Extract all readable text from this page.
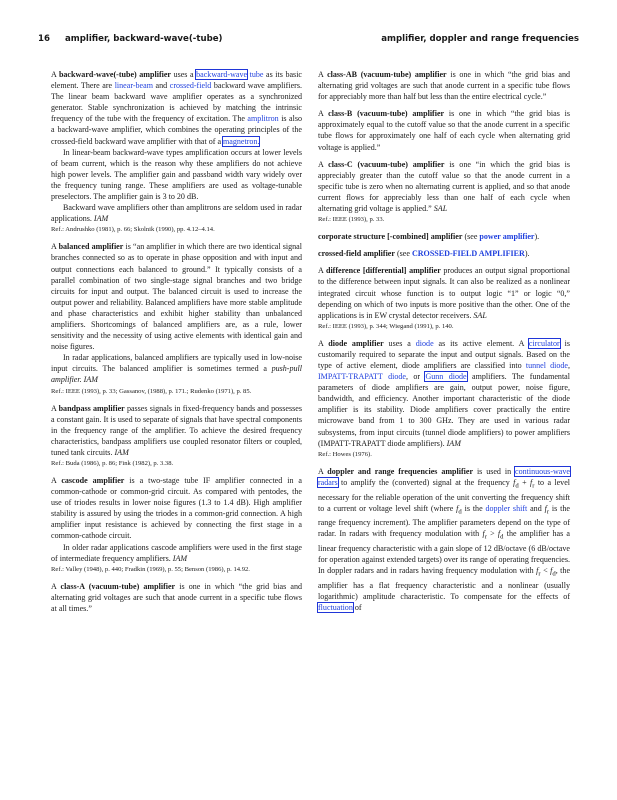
16 amplifier, backward-wave(-tube)	amplifier, doppler and range frequencies

A backward-wave(-tube) amplifier uses a backward-wave tube as its basic element. There are linear-beam and crossed-field backward wave amplifiers. The linear beam backward wave amplifier operates as a synchronized generator. Stable synchronization is achieved by matching the intrinsic frequency of the tube with the frequency of excitation. The amplitron is also a backward-wave amplifier, which combines the operating principles of the crossed-field backward wave amplifier with that of a magnetron.

In linear-beam backward-wave types amplification occurs at lower levels of beam current, which is the reason why these amplifiers do not achieve high power levels. The amplifier gain and passband width vary widely over the frequency tuning range. These amplifiers are used as voltage-tunable preselectors. The amplifier gain is 3 to 20 dB.

Backward wave amplifiers other than amplitrons are seldom used in radar applications. IAM

Ref.: Andrushko (1981), p. 66; Skolnik (1990), pp. 4.12–4.14.

A balanced amplifier is “an amplifier in which there are two identical signal branches connected so as to operate in phase opposition and with input and output connections each balanced to ground.” It typically consists of a parallel combination of two single-stage signal branches and two bridge circuits for input and output. The balanced circuit is used to increase the output power and reliability. Balanced amplifiers have more stable amplitude and phase characteristics and exhibit higher stability than unbalanced amplifiers. Shortcomings of balanced amplifiers are, as a rule, lower sensitivity and the necessity of using active elements with identical gain and noise figures.

In radar applications, balanced amplifiers are typically used in low-noise input circuits. The balanced amplifier is sometimes termed a push-pull amplifier. IAM

Ref.: IEEE (1993), p. 33; Gassanov, (1988), p. 171.; Rudenko (1971), p. 85.

A bandpass amplifier passes signals in fixed-frequency bands and possesses a constant gain. It is used to separate of signals that have spectral components in the frequency range of the amplifier. To achieve the desired frequency characteristics, bandpass amplifiers use coupled resonator filters or coupled, tuned tank circuits. IAM

Ref.: Buda (1986), p. 86; Fink (1982), p. 3.38.

A cascode amplifier is a two-stage tube IF amplifier connected in a common-cathode or common-grid circuit. As compared with pentodes, the use of triodes results in lower noise figures (1.3 to 1.4 dB). High amplifier stability is assured by using the triodes in a common-grid connection. A high amplifier input resistance is achieved by connecting the first stage in a common-cathode circuit.

In older radar applications cascode amplifiers were used in the first stage of intermediate frequency amplifiers. IAM

Ref.: Valley (1948), p. 440; Fradkin (1969), p. 55; Benson (1986), p. 14.92.

A class-A (vacuum-tube) amplifier is one in which “the grid bias and alternating grid voltages are such that anode current in a specific tube flows at all times.”

A class-AB (vacuum-tube) amplifier is one in which “the grid bias and alternating grid voltages are such that anode current in a specific tube flows for appreciably more than half but less than the entire electrical cycle.”

A class-B (vacuum-tube) amplifier is one in which “the grid bias is approximately equal to the cutoff value so that the anode current in a specific tube flows for approximately one half of each cycle when alternating grid voltage is applied.”

A class-C (vacuum-tube) amplifier is one “in which the grid bias is appreciably greater than the cutoff value so that the anode current in a specific tube is zero when no alternating current is applied, and so that anode current flows for appreciably less than one half of each cycle when alternating grid voltage is applied.” SAL

Ref.: IEEE (1993), p. 33.

corporate structure [-combined] amplifier (see power amplifier).

crossed-field amplifier (see CROSSED-FIELD AMPLIFIER).

A difference [differential] amplifier produces an output signal proportional to the difference between input signals. It can also be realized as a nonlinear integrated circuit whose function is to output logic “1” or logic “0,” depending on which of two inputs is more positive than the other. One of the applications is in EW crystal detector receivers. SAL

Ref.: IEEE (1993), p. 344; Wiegand (1991), p. 140.

A diode amplifier uses a diode as its active element. A circulator is customarily required to separate the input and output signals. Based on the type of active element, diode amplifiers are classified into tunnel diode, IMPATT-TRAPATT diode, or Gunn diode amplifiers. The fundamental parameters of diode amplifiers are gain, output power, noise figure, bandwidth, and efficiency. Another important characteristic of the diode amplifier is its stability. Diode amplifiers cover practically the entire microwave band from 1 to 300 GHz. They are used in various radar subsystems, from input circuits (tunnel diode amplifiers) to power amplifiers (IMPATT-TRAPATT diode amplifiers). IAM

Ref.: Howes (1976).

A doppler and range frequencies amplifier is used in continuous-wave radars to amplify the (converted) signal at the frequency $f_d + f_r$ to a level necessary for the reliable operation of the unit converting the frequency shift to a current or voltage level shift (where $f_d$ is the doppler shift and $f_r$ is the range frequency increment). The amplifier parameters depend on the type of radar. In radars with frequency modulation with $f_r > f_d$ the amplifier has a linear frequency characteristic with a gain slope of 12 dB/octave (6 dB/octave for operation against extended targets) over its range of operating frequencies. In doppler radars and in radars having frequency modulation with $f_r < f_d$, the amplifier has a flat frequency characteristic and a nonlinear (usually logarithmic) amplitude characteristic. To compensate for the effects of fluctuation of
